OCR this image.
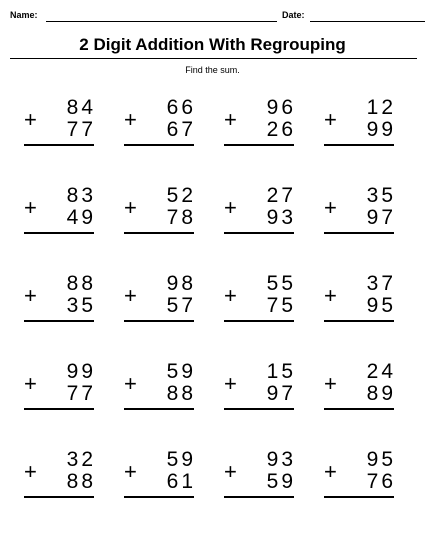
Name:	Date:
2 Digit Addition With Regrouping
Find the sum.
84
+ 77
66
+ 67
96
+ 26
12
+ 99
83
+ 49
52
+ 78
27
+ 93
35
+ 97
88
+ 35
98
+ 57
55
+ 75
37
+ 95
99
+ 77
59
+ 88
15
+ 97
24
+ 89
32
+ 88
59
+ 61
93
+ 59
95
+ 76
